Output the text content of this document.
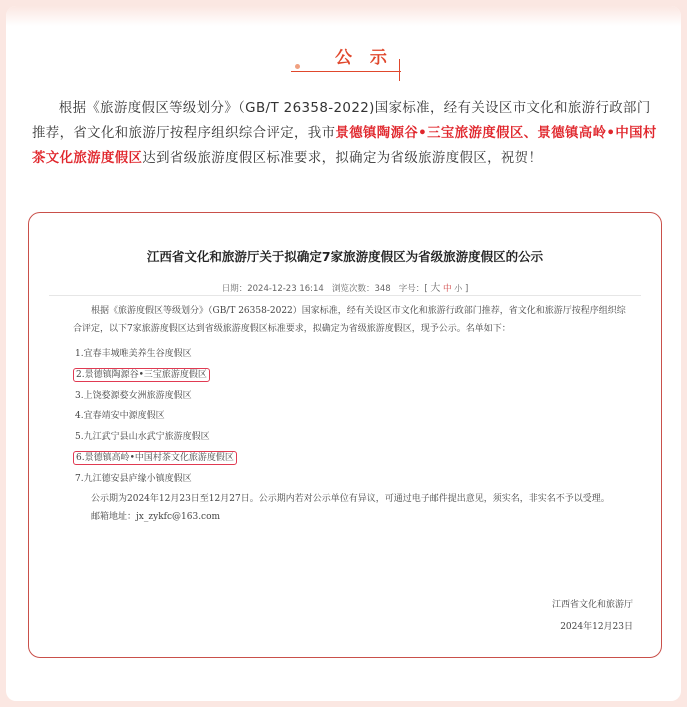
公 示
根据《旅游度假区等级划分》（GB/T 26358-2022)国家标准，经有关设区市文化和旅游行政部门推荐，省文化和旅游厅按程序组织综合评定，我市景德镇陶源谷•三宝旅游度假区、景德镇高岭•中国村茶文化旅游度假区达到省级旅游度假区标准要求，拟确定为省级旅游度假区，祝贺！
江西省文化和旅游厅关于拟确定7家旅游度假区为省级旅游度假区的公示
日期：2024-12-23 16:14 浏览次数：348 字号：[ 大 中 小 ]

根据《旅游度假区等级划分》（GB/T 26358-2022）国家标准，经有关设区市文化和旅游行政部门推荐，省文化和旅游厅按程序组织综合评定，以下7家旅游度假区达到省级旅游度假区标准要求，拟确定为省级旅游度假区，现予公示。名单如下：

1.宜春丰城唯美养生谷度假区
2.景德镇陶源谷•三宝旅游度假区
3.上饶婺源婺女洲旅游度假区
4.宜春靖安中源度假区
5.九江武宁县山水武宁旅游度假区
6.景德镇高岭•中国村茶文化旅游度假区
7.九江德安县庐缘小镇度假区

公示期为2024年12月23日至12月27日。公示期内若对公示单位有异议，可通过电子邮件提出意见，须实名，非实名不予以受理。

邮箱地址：jx_zykfc@163.com

江西省文化和旅游厅
2024年12月23日
